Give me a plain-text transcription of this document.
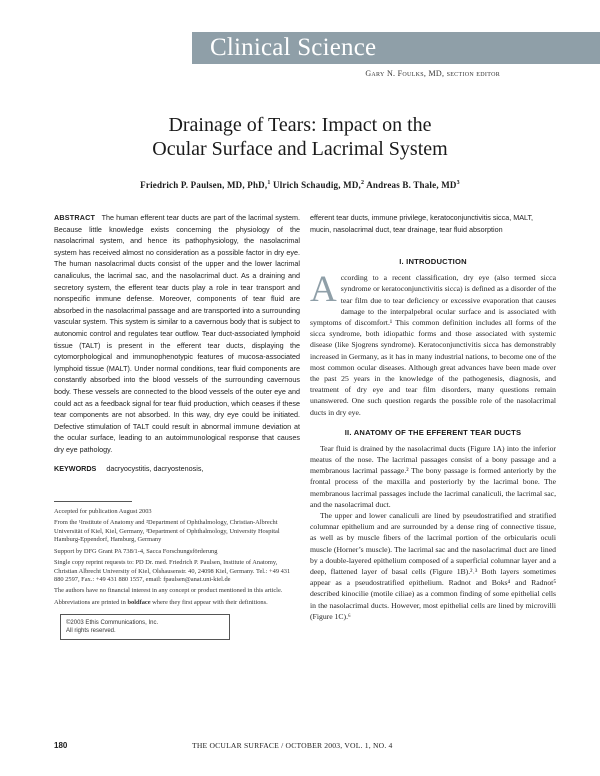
Clinical Science
Gary N. Foulks, MD, section editor
Drainage of Tears: Impact on the
Ocular Surface and Lacrimal System
Friedrich P. Paulsen, MD, PhD,$^1$ Ulrich Schaudig, MD,$^2$ Andreas B. Thale, $MD^3$
ABSTRACT The human efferent tear ducts are part of the lacrimal system. Because little knowledge exists concerning the physiology of the nasolacrimal system, and hence its pathophysiology, the nasolacrimal system has received almost no consideration as a possible factor in dry eye. The human nasolacrimal ducts consist of the upper and the lower lacrimal canaliculus, the lacrimal sac, and the nasolacrimal duct. As a draining and secretory system, the efferent tear ducts play a role in tear transport and nonspecific immune defense. Moreover, components of tear fluid are absorbed in the nasolacrimal passage and are transported into a surrounding vascular system. This system is similar to a cavernous body that is subject to autonomic control and regulates tear outflow. Tear duct-associated lymphoid tissue (TALT) is present in the efferent tear ducts, displaying the cytomorphological and immunophenotypic features of mucosa-associated lymphoid tissue (MALT). Under normal conditions, tear fluid components are constantly absorbed into the blood vessels of the surrounding cavernous body. These vessels are connected to the blood vessels of the outer eye and could act as a feedback signal for tear fluid production, which ceases if these tear components are not absorbed. In this way, dry eye could be initiated. Defective stimulation of TALT could result in abnormal immune deviation at the ocular surface, leading to an autoimmunological response that causes dry eye pathology.
KEYWORDS dacryocystitis, dacryostenosis,

Accepted for publication August 2003

From the ¹Institute of Anatomy and ²Department of Ophthalmology, Christian-Albrecht Universität of Kiel, Kiel, Germany, ³Department of Ophthalmology, University Hospital Hamburg-Eppendorf, Hamburg, Germany

Support by DFG Grant PA 738/1-4, Sacca Forschungsförderung

Single copy reprint requests to: PD Dr. med. Friedrich P. Paulsen, Institute of Anatomy, Christian Albrecht University of Kiel, Olshausenstr. 40, 24098 Kiel, Germany. Tel.: +49 431 880 2597, Fax.: +49 431 880 1557, email: fpaulsen@anat.uni-kiel.de

The authors have no financial interest in any concept or product mentioned in this article.

Abbreviations are printed in boldface where they first appear with their definitions.

©2003 Ethis Communications, Inc.
All rights reserved.
efferent tear ducts, immune privilege, keratoconjunctivitis sicca, MALT, mucin, nasolacrimal duct, tear drainage, tear fluid absorption
I. INTRODUCTION

According to a recent classification, dry eye (also termed sicca syndrome or keratoconjunctivitis sicca) is defined as a disorder of the tear film due to tear deficiency or excessive evaporation that causes damage to the interpalpebral ocular surface and is associated with symptoms of discomfort.¹ This common definition includes all forms of the sicca syndrome, both idiopathic forms and those associated with systemic disease (like Sjogrens syndrome). Keratoconjunctivitis sicca has demonstrably increased in Germany, as it has in many industrial nations, to become one of the most common ocular diseases. Although great advances have been made over the past 25 years in the knowledge of the pathogenesis, diagnosis, and treatment of dry eye and tear film disorders, many questions remain unanswered. One such question regards the possible role of the nasolacrimal ducts in dry eye.

II. ANATOMY OF THE EFFERENT TEAR DUCTS

Tear fluid is drained by the nasolacrimal ducts (Figure 1A) into the inferior meatus of the nose. The lacrimal passages consist of a bony passage and a membranous lacrimal passage.² The bony passage is formed anteriorly by the frontal process of the maxilla and posteriorly by the lacrimal bone. The membranous lacrimal passages include the lacrimal canaliculi, the lacrimal sac, and the nasolacrimal duct.

The upper and lower canaliculi are lined by pseudostratified and stratified columnar epithelium and are surrounded by a dense ring of connective tissue, as well as by muscle fibers of the lacrimal portion of the orbicularis oculi muscle (Horner’s muscle). The lacrimal sac and the nasolacrimal duct are lined by a double-layered epithelium composed of a superficial columnar layer and a deep, flattened layer of basal cells (Figure 1B).²˒³ Both layers sometimes appear as a pseudostratified epithelium. Radnot and Boks⁴ and Radnot⁵ described kinocilie (motile ciliae) as a common finding of some epithelial cells in the nasolacrimal ducts. However, most epithelial cells are lined by microvilli (Figure 1C).⁶

180	THE OCULAR SURFACE / OCTOBER 2003, VOL. 1, NO. 4
